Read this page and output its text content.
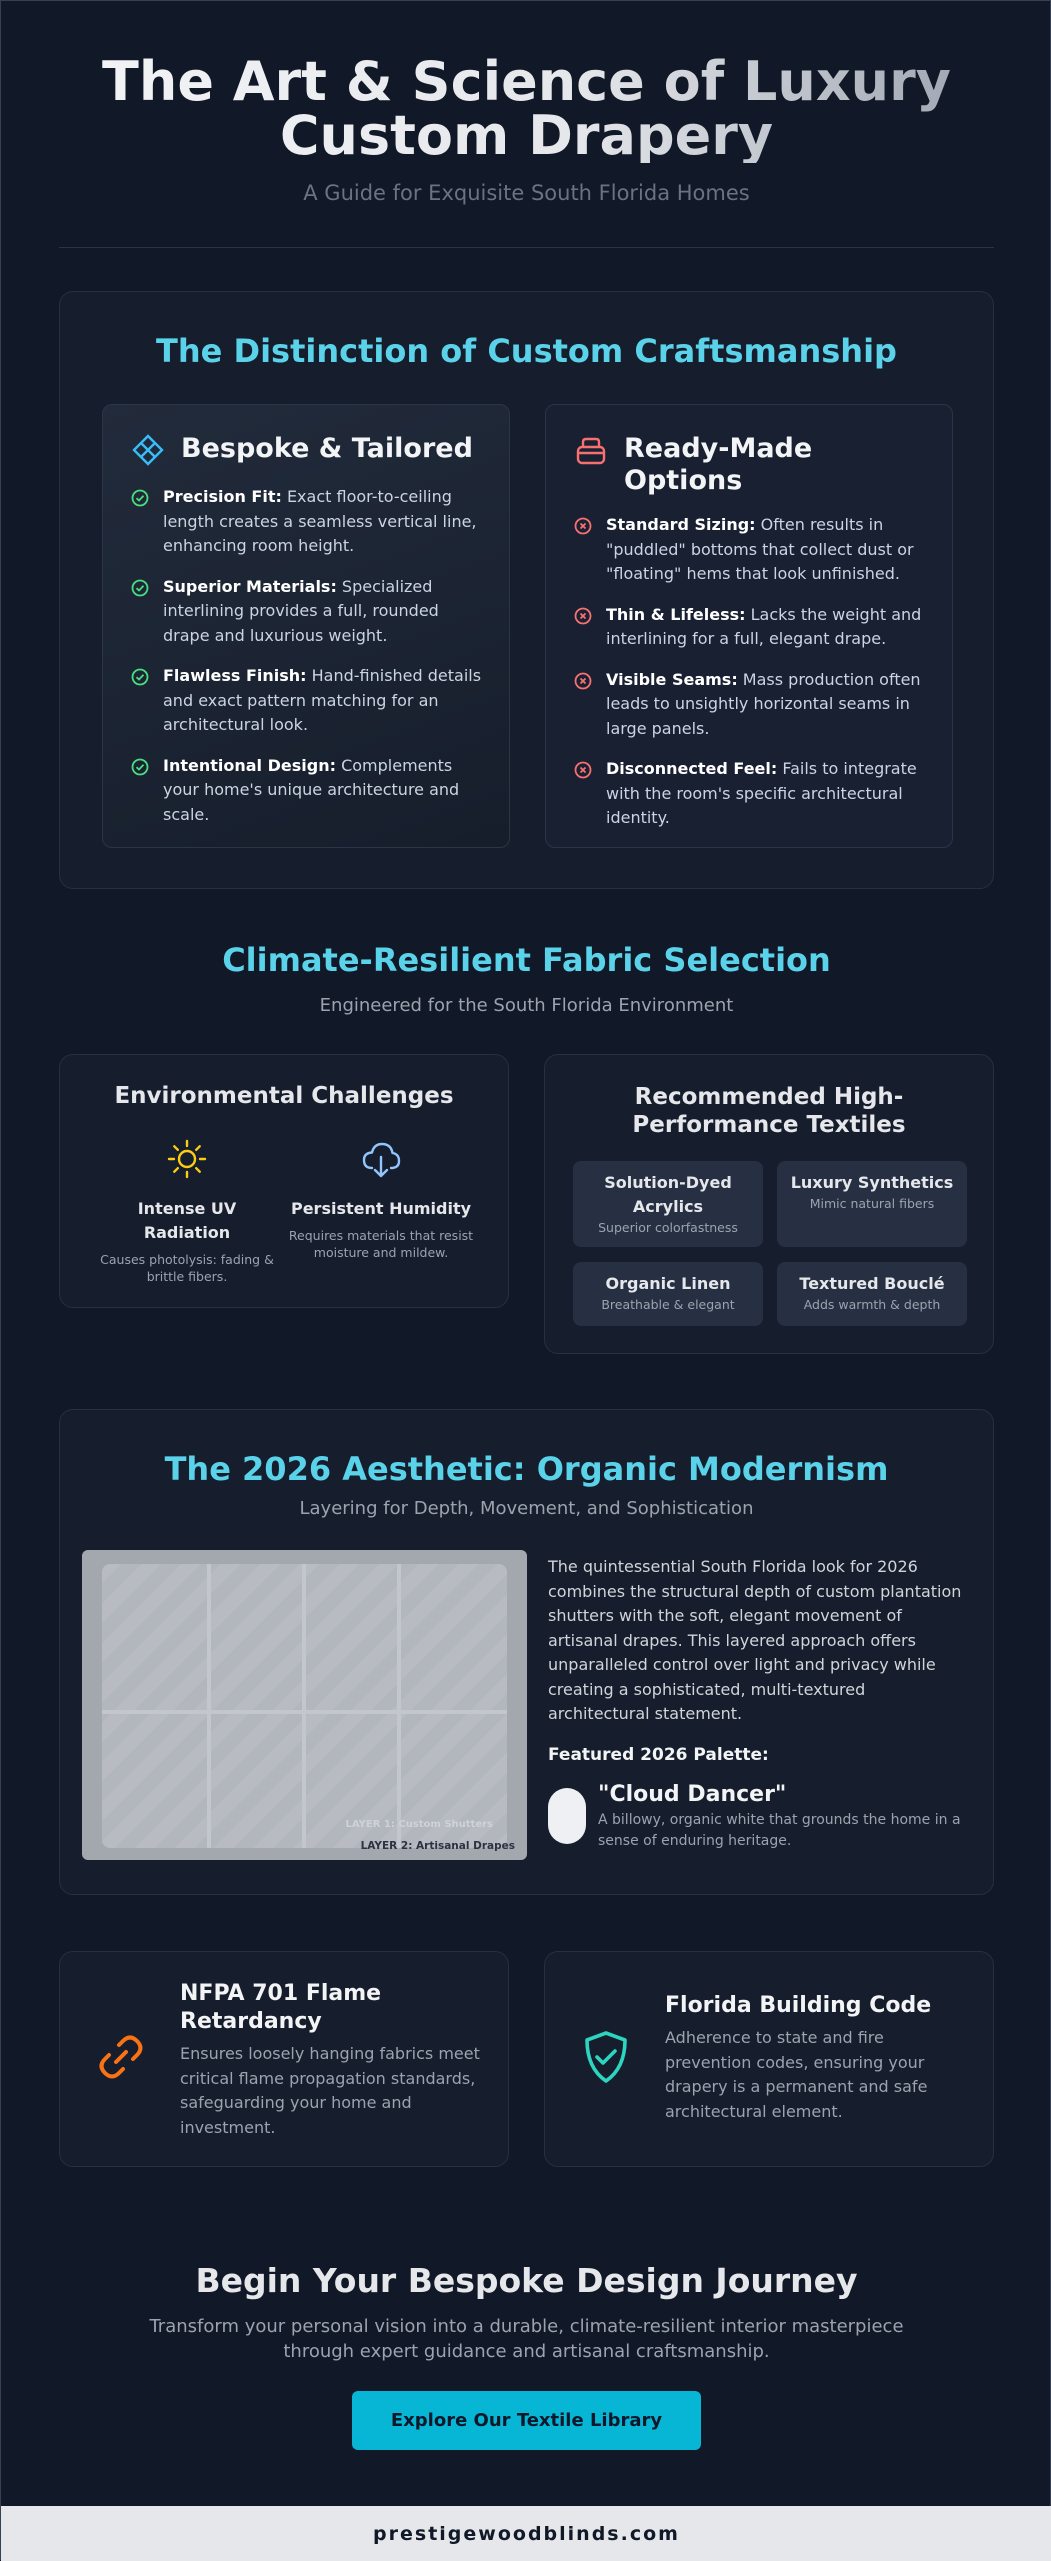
The Art & Science of Luxury Custom Drapery
A Guide for Exquisite South Florida Homes
The Distinction of Custom Craftsmanship
Bespoke & Tailored
Precision Fit: Exact floor-to-ceiling length creates a seamless vertical line, enhancing room height.
Superior Materials: Specialized interlining provides a full, rounded drape and luxurious weight.
Flawless Finish: Hand-finished details and exact pattern matching for an architectural look.
Intentional Design: Complements your home's unique architecture and scale.
Ready-Made Options
Standard Sizing: Often results in "puddled" bottoms that collect dust or "floating" hems that look unfinished.
Thin & Lifeless: Lacks the weight and interlining for a full, elegant drape.
Visible Seams: Mass production often leads to unsightly horizontal seams in large panels.
Disconnected Feel: Fails to integrate with the room's specific architectural identity.
Climate-Resilient Fabric Selection
Engineered for the South Florida Environment
Environmental Challenges
Intense UV Radiation
Causes photolysis: fading & brittle fibers.
Persistent Humidity
Requires materials that resist moisture and mildew.
Recommended High-Performance Textiles
Solution-Dyed Acrylics
Superior colorfastness
Luxury Synthetics
Mimic natural fibers
Organic Linen
Breathable & elegant
Textured Bouclé
Adds warmth & depth
The 2026 Aesthetic: Organic Modernism
Layering for Depth, Movement, and Sophistication
LAYER 1: Custom Shutters
LAYER 2: Artisanal Drapes
The quintessential South Florida look for 2026 combines the structural depth of custom plantation shutters with the soft, elegant movement of artisanal drapes. This layered approach offers unparalleled control over light and privacy while creating a sophisticated, multi-textured architectural statement.
Featured 2026 Palette:
"Cloud Dancer"
A billowy, organic white that grounds the home in a sense of enduring heritage.
NFPA 701 Flame Retardancy

Ensures loosely hanging fabrics meet critical flame propagation standards, safeguarding your home and investment.

Florida Building Code

Adherence to state and fire prevention codes, ensuring your drapery is a permanent and safe architectural element.

Begin Your Bespoke Design Journey
Transform your personal vision into a durable, climate-resilient interior masterpiece through expert guidance and artisanal craftsmanship.
Explore Our Textile Library
prestigewoodblinds.com
